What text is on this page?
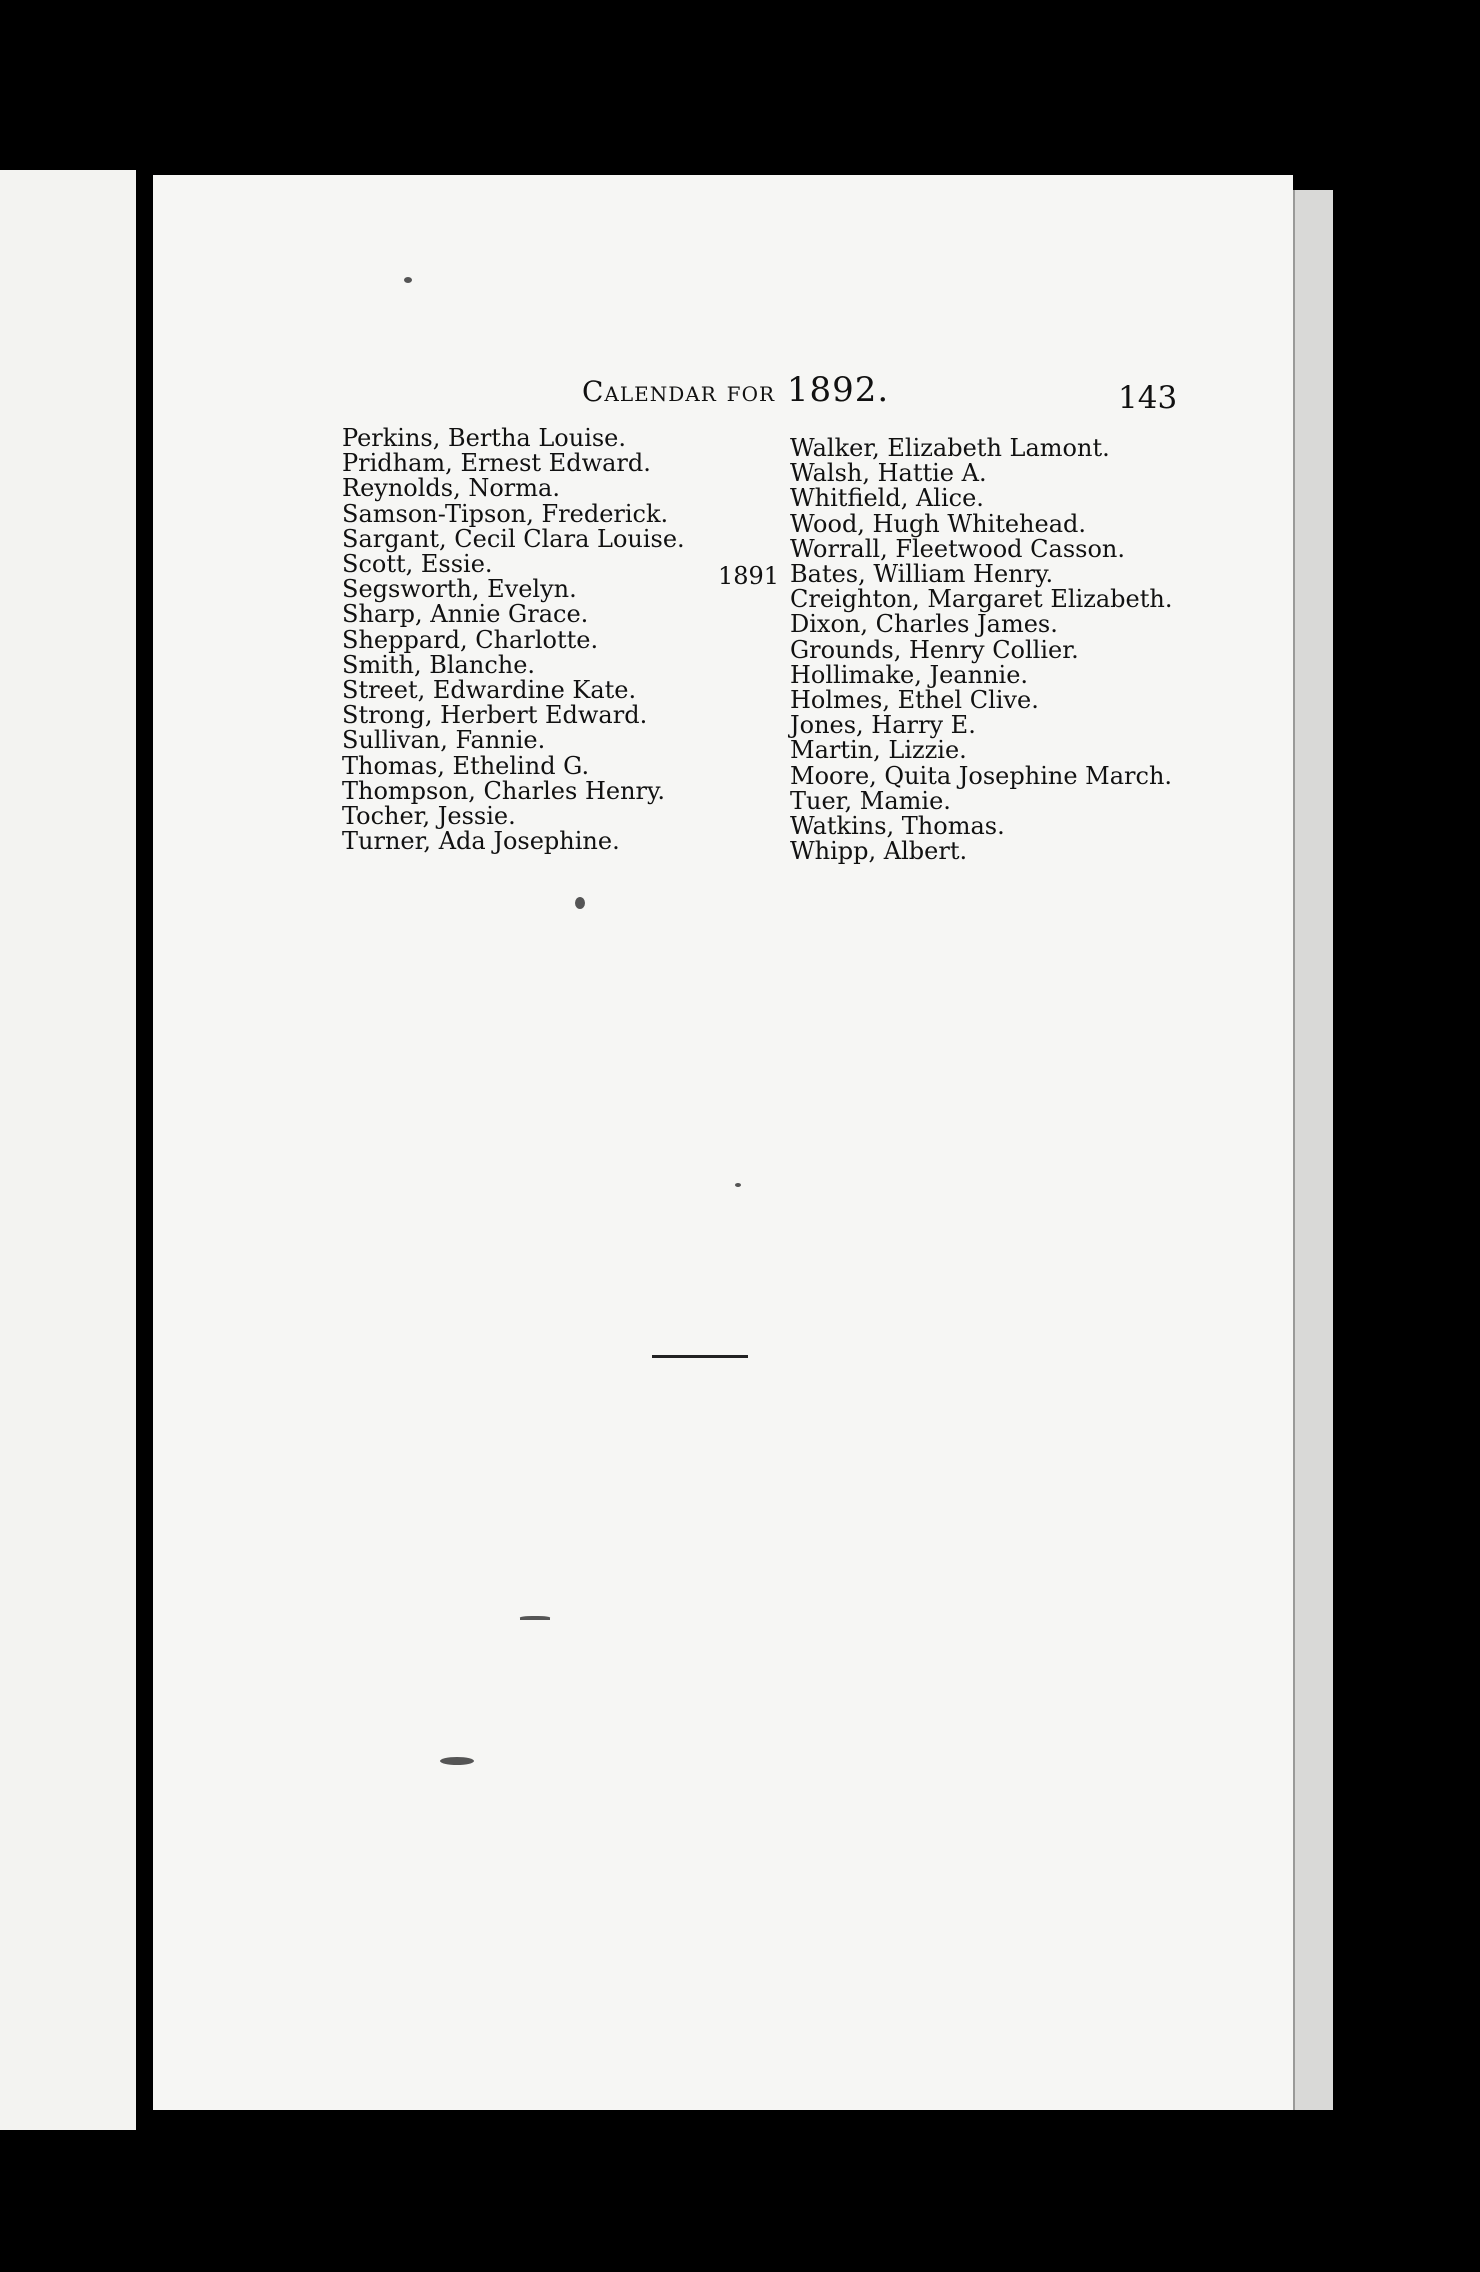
Calendar for 1892.	143
Perkins, Bertha Louise.
Pridham, Ernest Edward.
Reynolds, Norma.
Samson-Tipson, Frederick.
Sargant, Cecil Clara Louise.
Scott, Essie.
Segsworth, Evelyn.
Sharp, Annie Grace.
Sheppard, Charlotte.
Smith, Blanche.
Street, Edwardine Kate.
Strong, Herbert Edward.
Sullivan, Fannie.
Thomas, Ethelind G.
Thompson, Charles Henry.
Tocher, Jessie.
Turner, Ada Josephine.
1891
Walker, Elizabeth Lamont.
Walsh, Hattie A.
Whitfield, Alice.
Wood, Hugh Whitehead.
Worrall, Fleetwood Casson.
Bates, William Henry.
Creighton, Margaret Elizabeth.
Dixon, Charles James.
Grounds, Henry Collier.
Hollimake, Jeannie.
Holmes, Ethel Clive.
Jones, Harry E.
Martin, Lizzie.
Moore, Quita Josephine March.
Tuer, Mamie.
Watkins, Thomas.
Whipp, Albert.
